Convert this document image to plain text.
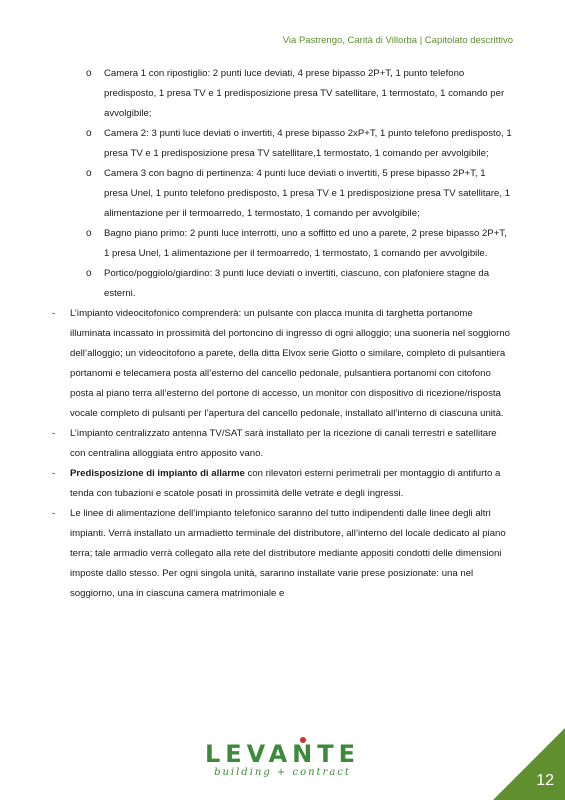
Via Pastrengo, Carità di Villorba | Capitolato descrittivo
o Camera 1 con ripostiglio: 2 punti luce deviati, 4 prese bipasso 2P+T, 1 punto telefono predisposto, 1 presa TV e 1 predisposizione presa TV satellitare, 1 termostato, 1 comando per avvolgibile;
o Camera 2: 3 punti luce deviati o invertiti, 4 prese bipasso 2xP+T, 1 punto telefono predisposto, 1 presa TV e 1 predisposizione presa TV satellitare,1 termostato, 1 comando per avvolgibile;
o Camera 3 con bagno di pertinenza: 4 punti luce deviati o invertiti, 5 prese bipasso 2P+T, 1 presa Unel, 1 punto telefono predisposto, 1 presa TV e 1 predisposizione presa TV satellitare, 1 alimentazione per il termoarredo, 1 termostato, 1 comando per avvolgibile;
o Bagno piano primo: 2 punti luce interrotti, uno a soffitto ed uno a parete, 2 prese bipasso 2P+T, 1 presa Unel, 1 alimentazione per il termoarredo, 1 termostato, 1 comando per avvolgibile.
o Portico/poggiolo/giardino: 3 punti luce deviati o invertiti, ciascuno, con plafoniere stagne da esterni.
- L’impianto videocitofonico comprenderà: un pulsante con placca munita di targhetta portanome illuminata incassato in prossimità del portoncino di ingresso di ogni alloggio; una suoneria nel soggiorno dell’alloggio; un videocitofono a parete, della ditta Elvox serie Giotto o similare, completo di pulsantiera portanomi e telecamera posta all’esterno del cancello pedonale, pulsantiera portanomi con citofono posta al piano terra all’esterno del portone di accesso, un monitor con dispositivo di ricezione/risposta vocale completo di pulsanti per l’apertura del cancello pedonale, installato all’interno di ciascuna unità.
- L’impianto centralizzato antenna TV/SAT sarà installato per la ricezione di canali terrestri e satellitare con centralina alloggiata entro apposito vano.
- Predisposizione di impianto di allarme con rilevatori esterni perimetrali per montaggio di antifurto a tenda con tubazioni e scatole posati in prossimità delle vetrate e degli ingressi.
- Le linee di alimentazione dell’impianto telefonico saranno del tutto indipendenti dalle linee degli altri impianti. Verrà installato un armadietto terminale del distributore, all’interno del locale dedicato al piano terra; tale armadio verrà collegato alla rete del distributore mediante appositi condotti delle dimensioni imposte dallo stesso. Per ogni singola unità, saranno installate varie prese posizionate: una nel soggiorno, una in ciascuna camera matrimoniale e
LEVANTE
building + contract	12
